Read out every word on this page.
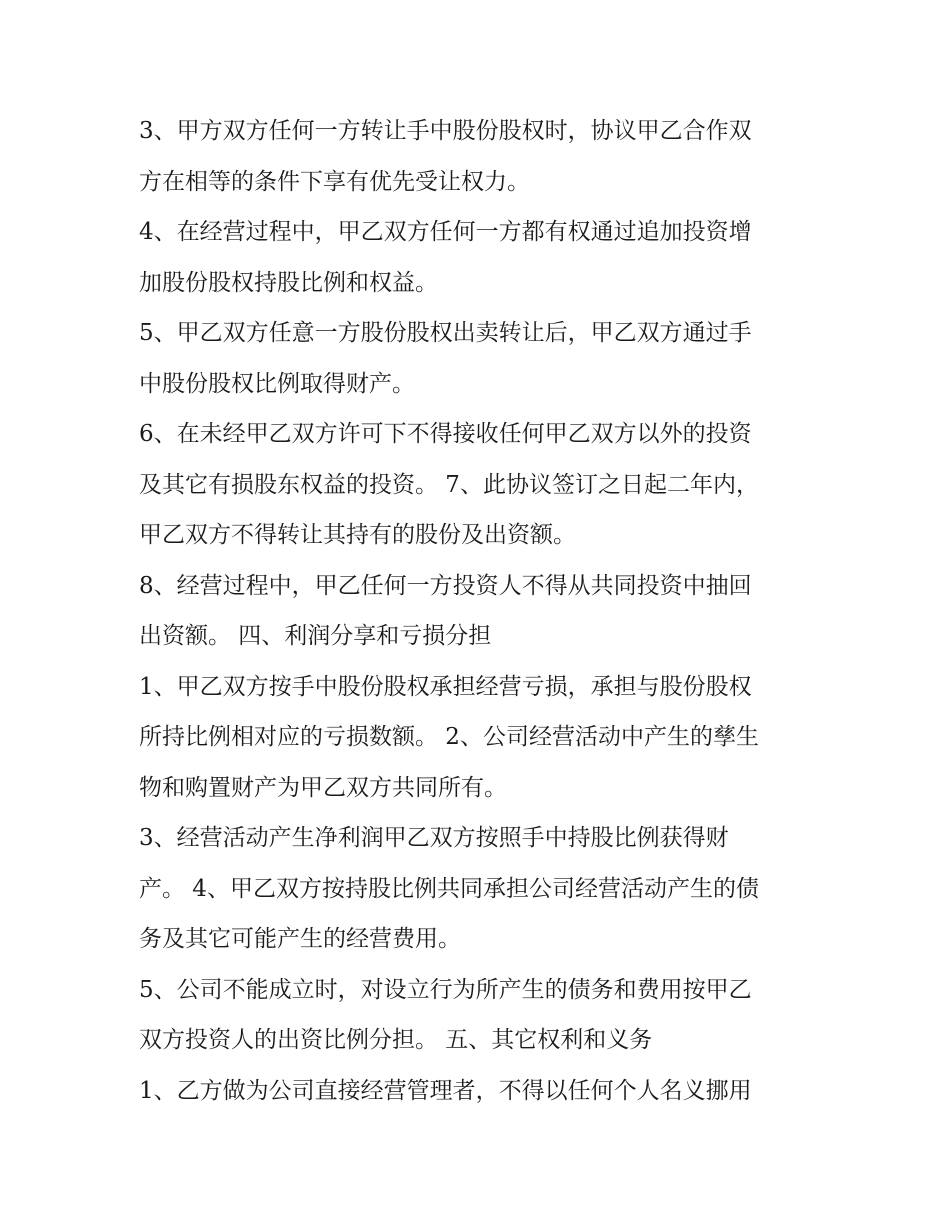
3、甲方双方任何一方转让手中股份股权时，协议甲乙合作双
方在相等的条件下享有优先受让权力。
4、在经营过程中，甲乙双方任何一方都有权通过追加投资增
加股份股权持股比例和权益。
5、甲乙双方任意一方股份股权出卖转让后，甲乙双方通过手
中股份股权比例取得财产。
6、在未经甲乙双方许可下不得接收任何甲乙双方以外的投资
及其它有损股东权益的投资。 7、此协议签订之日起二年内，
甲乙双方不得转让其持有的股份及出资额。
8、经营过程中，甲乙任何一方投资人不得从共同投资中抽回
出资额。 四、利润分享和亏损分担
1、甲乙双方按手中股份股权承担经营亏损，承担与股份股权
所持比例相对应的亏损数额。 2、公司经营活动中产生的孳生
物和购置财产为甲乙双方共同所有。
3、经营活动产生净利润甲乙双方按照手中持股比例获得财
产。 4、甲乙双方按持股比例共同承担公司经营活动产生的债
务及其它可能产生的经营费用。
5、公司不能成立时，对设立行为所产生的债务和费用按甲乙
双方投资人的出资比例分担。 五、其它权利和义务
1、乙方做为公司直接经营管理者，不得以任何个人名义挪用
